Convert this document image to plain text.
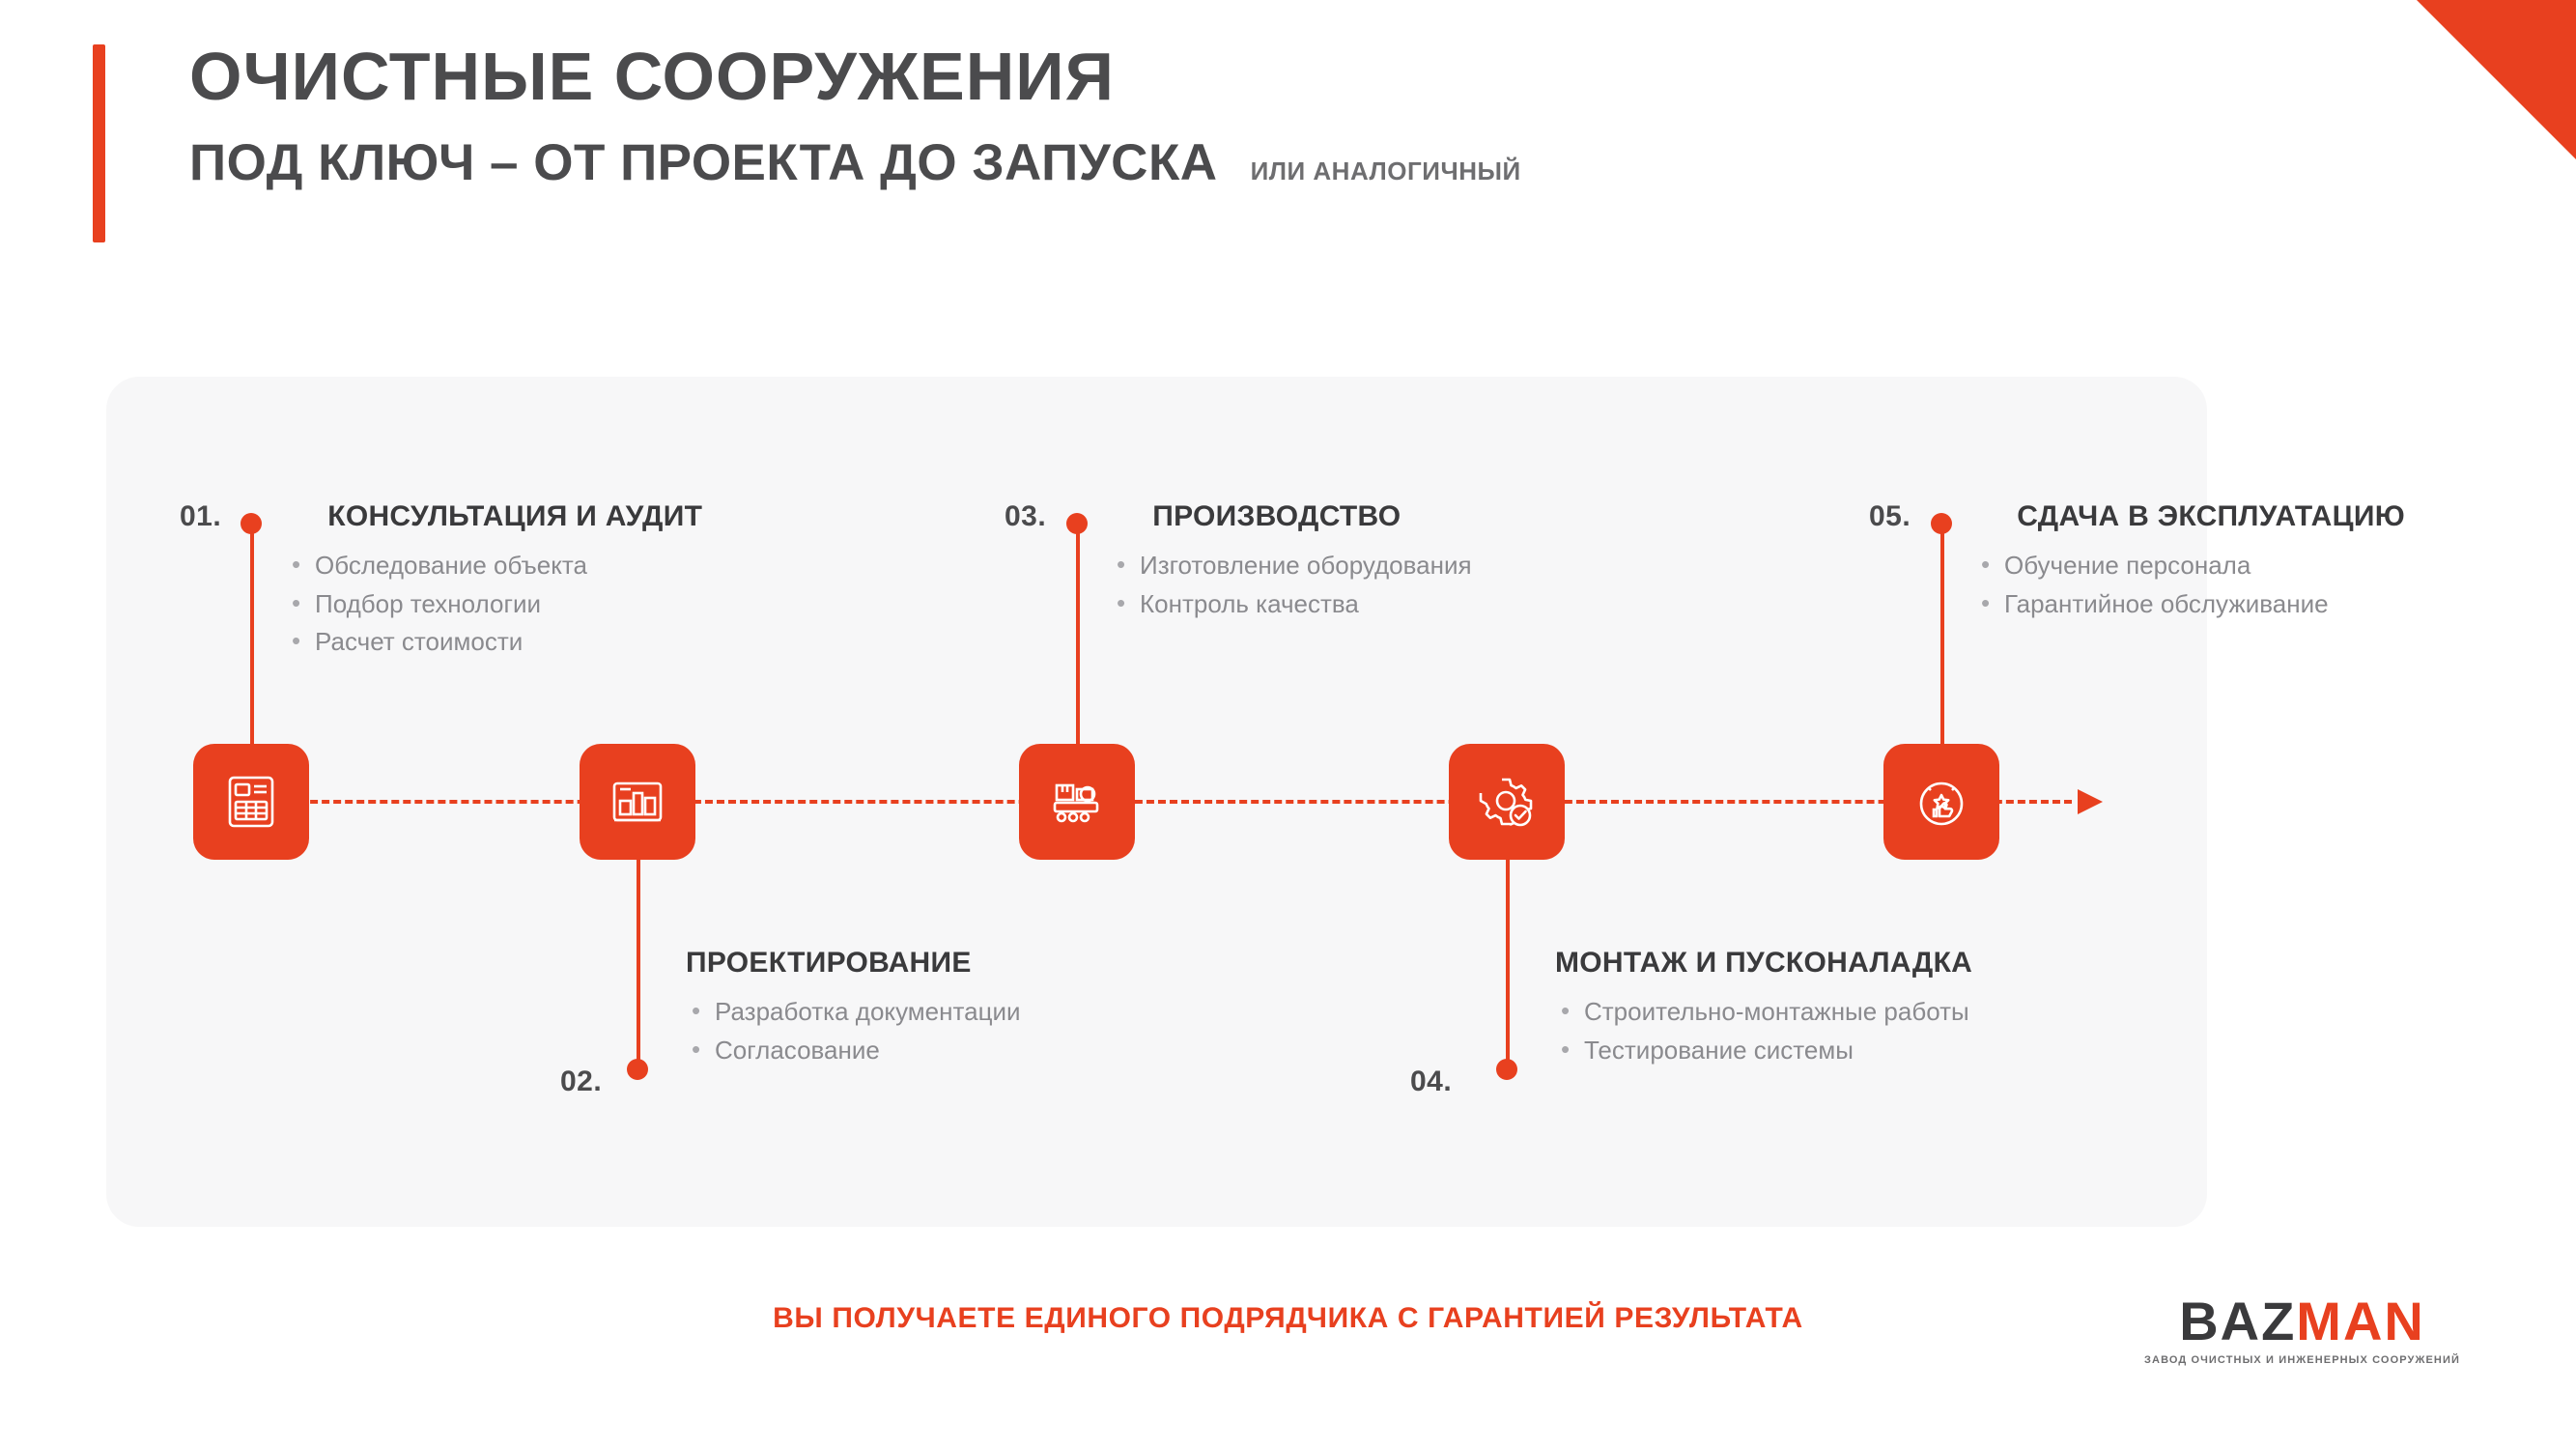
ОЧИСТНЫЕ СООРУЖЕНИЯ
ПОД КЛЮЧ – ОТ ПРОЕКТА ДО ЗАПУСКА ИЛИ АНАЛОГИЧНЫЙ
01.	КОНСУЛЬТАЦИЯ И АУДИТ
• Обследование объекта
• Подбор технологии
• Расчет стоимости
ПРОЕКТИРОВАНИЕ
• Разработка документации
• Согласование
02.
03.	ПРОИЗВОДСТВО
• Изготовление оборудования
• Контроль качества
МОНТАЖ И ПУСКОНАЛАДКА
• Строительно-монтажные работы
• Тестирование системы
04.
05.	СДАЧА В ЭКСПЛУАТАЦИЮ
• Обучение персонала
• Гарантийное обслуживание
ВЫ ПОЛУЧАЕТЕ ЕДИНОГО ПОДРЯДЧИКА С ГАРАНТИЕЙ РЕЗУЛЬТАТА	BAZMAN
ЗАВОД ОЧИСТНЫХ И ИНЖЕНЕРНЫХ СООРУЖЕНИЙ
